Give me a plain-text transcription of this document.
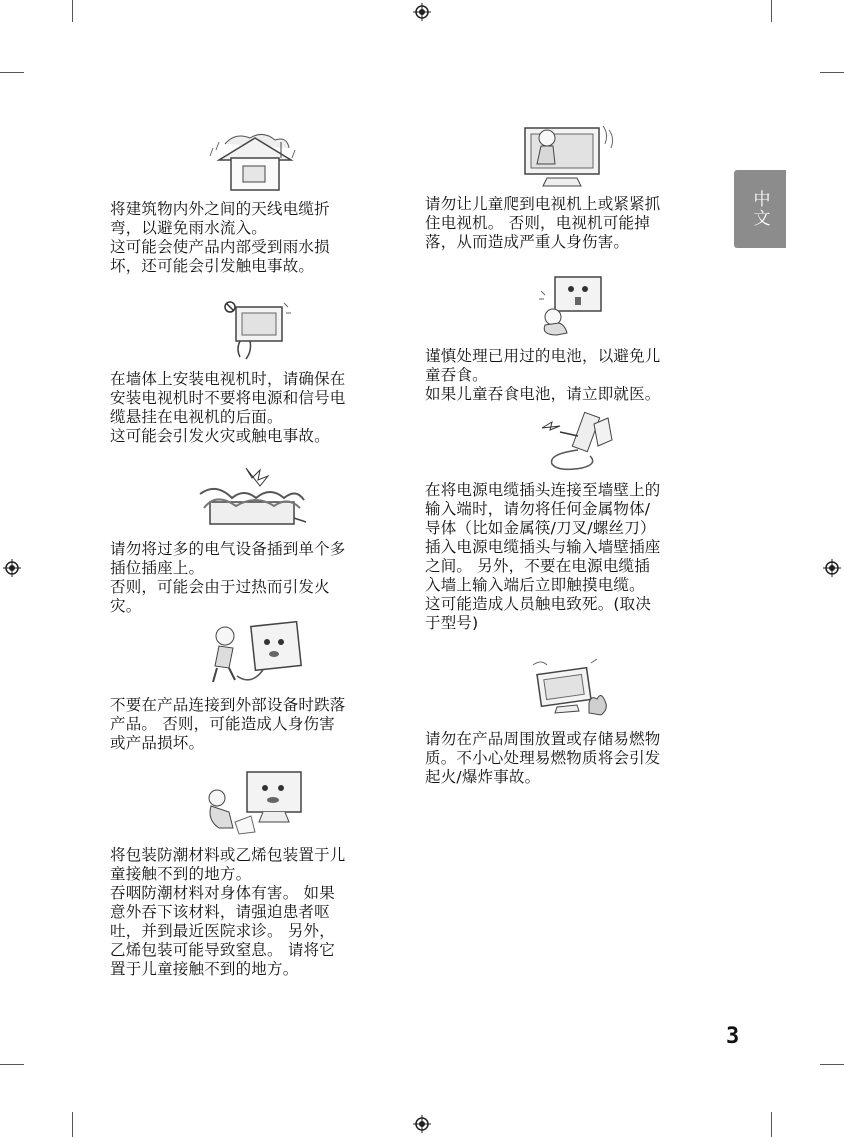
中文

将建筑物内外之间的天线电缆折

弯，以避免雨水流入。

这可能会使产品内部受到雨水损

坏，还可能会引发触电事故。

在墙体上安装电视机时，请确保在

安装电视机时不要将电源和信号电

缆悬挂在电视机的后面。

这可能会引发火灾或触电事故。

请勿将过多的电气设备插到单个多

插位插座上。

否则，可能会由于过热而引发火

灾。

不要在产品连接到外部设备时跌落

产品。 否则，可能造成人身伤害

或产品损坏。

将包装防潮材料或乙烯包装置于儿

童接触不到的地方。

吞咽防潮材料对身体有害。 如果

意外吞下该材料，请强迫患者呕

吐，并到最近医院求诊。 另外，

乙烯包装可能导致窒息。 请将它

置于儿童接触不到的地方。

请勿让儿童爬到电视机上或紧紧抓

住电视机。 否则，电视机可能掉

落，从而造成严重人身伤害。

谨慎处理已用过的电池，以避免儿

童吞食。

如果儿童吞食电池，请立即就医。

在将电源电缆插头连接至墙壁上的

输入端时，请勿将任何金属物体/

导体（比如金属筷/刀叉/螺丝刀）

插入电源电缆插头与输入墙壁插座

之间。 另外，不要在电源电缆插

入墙上输入端后立即触摸电缆。

这可能造成人员触电致死。(取决

于型号)

请勿在产品周围放置或存储易燃物

质。不小心处理易燃物质将会引发

起火/爆炸事故。

3
